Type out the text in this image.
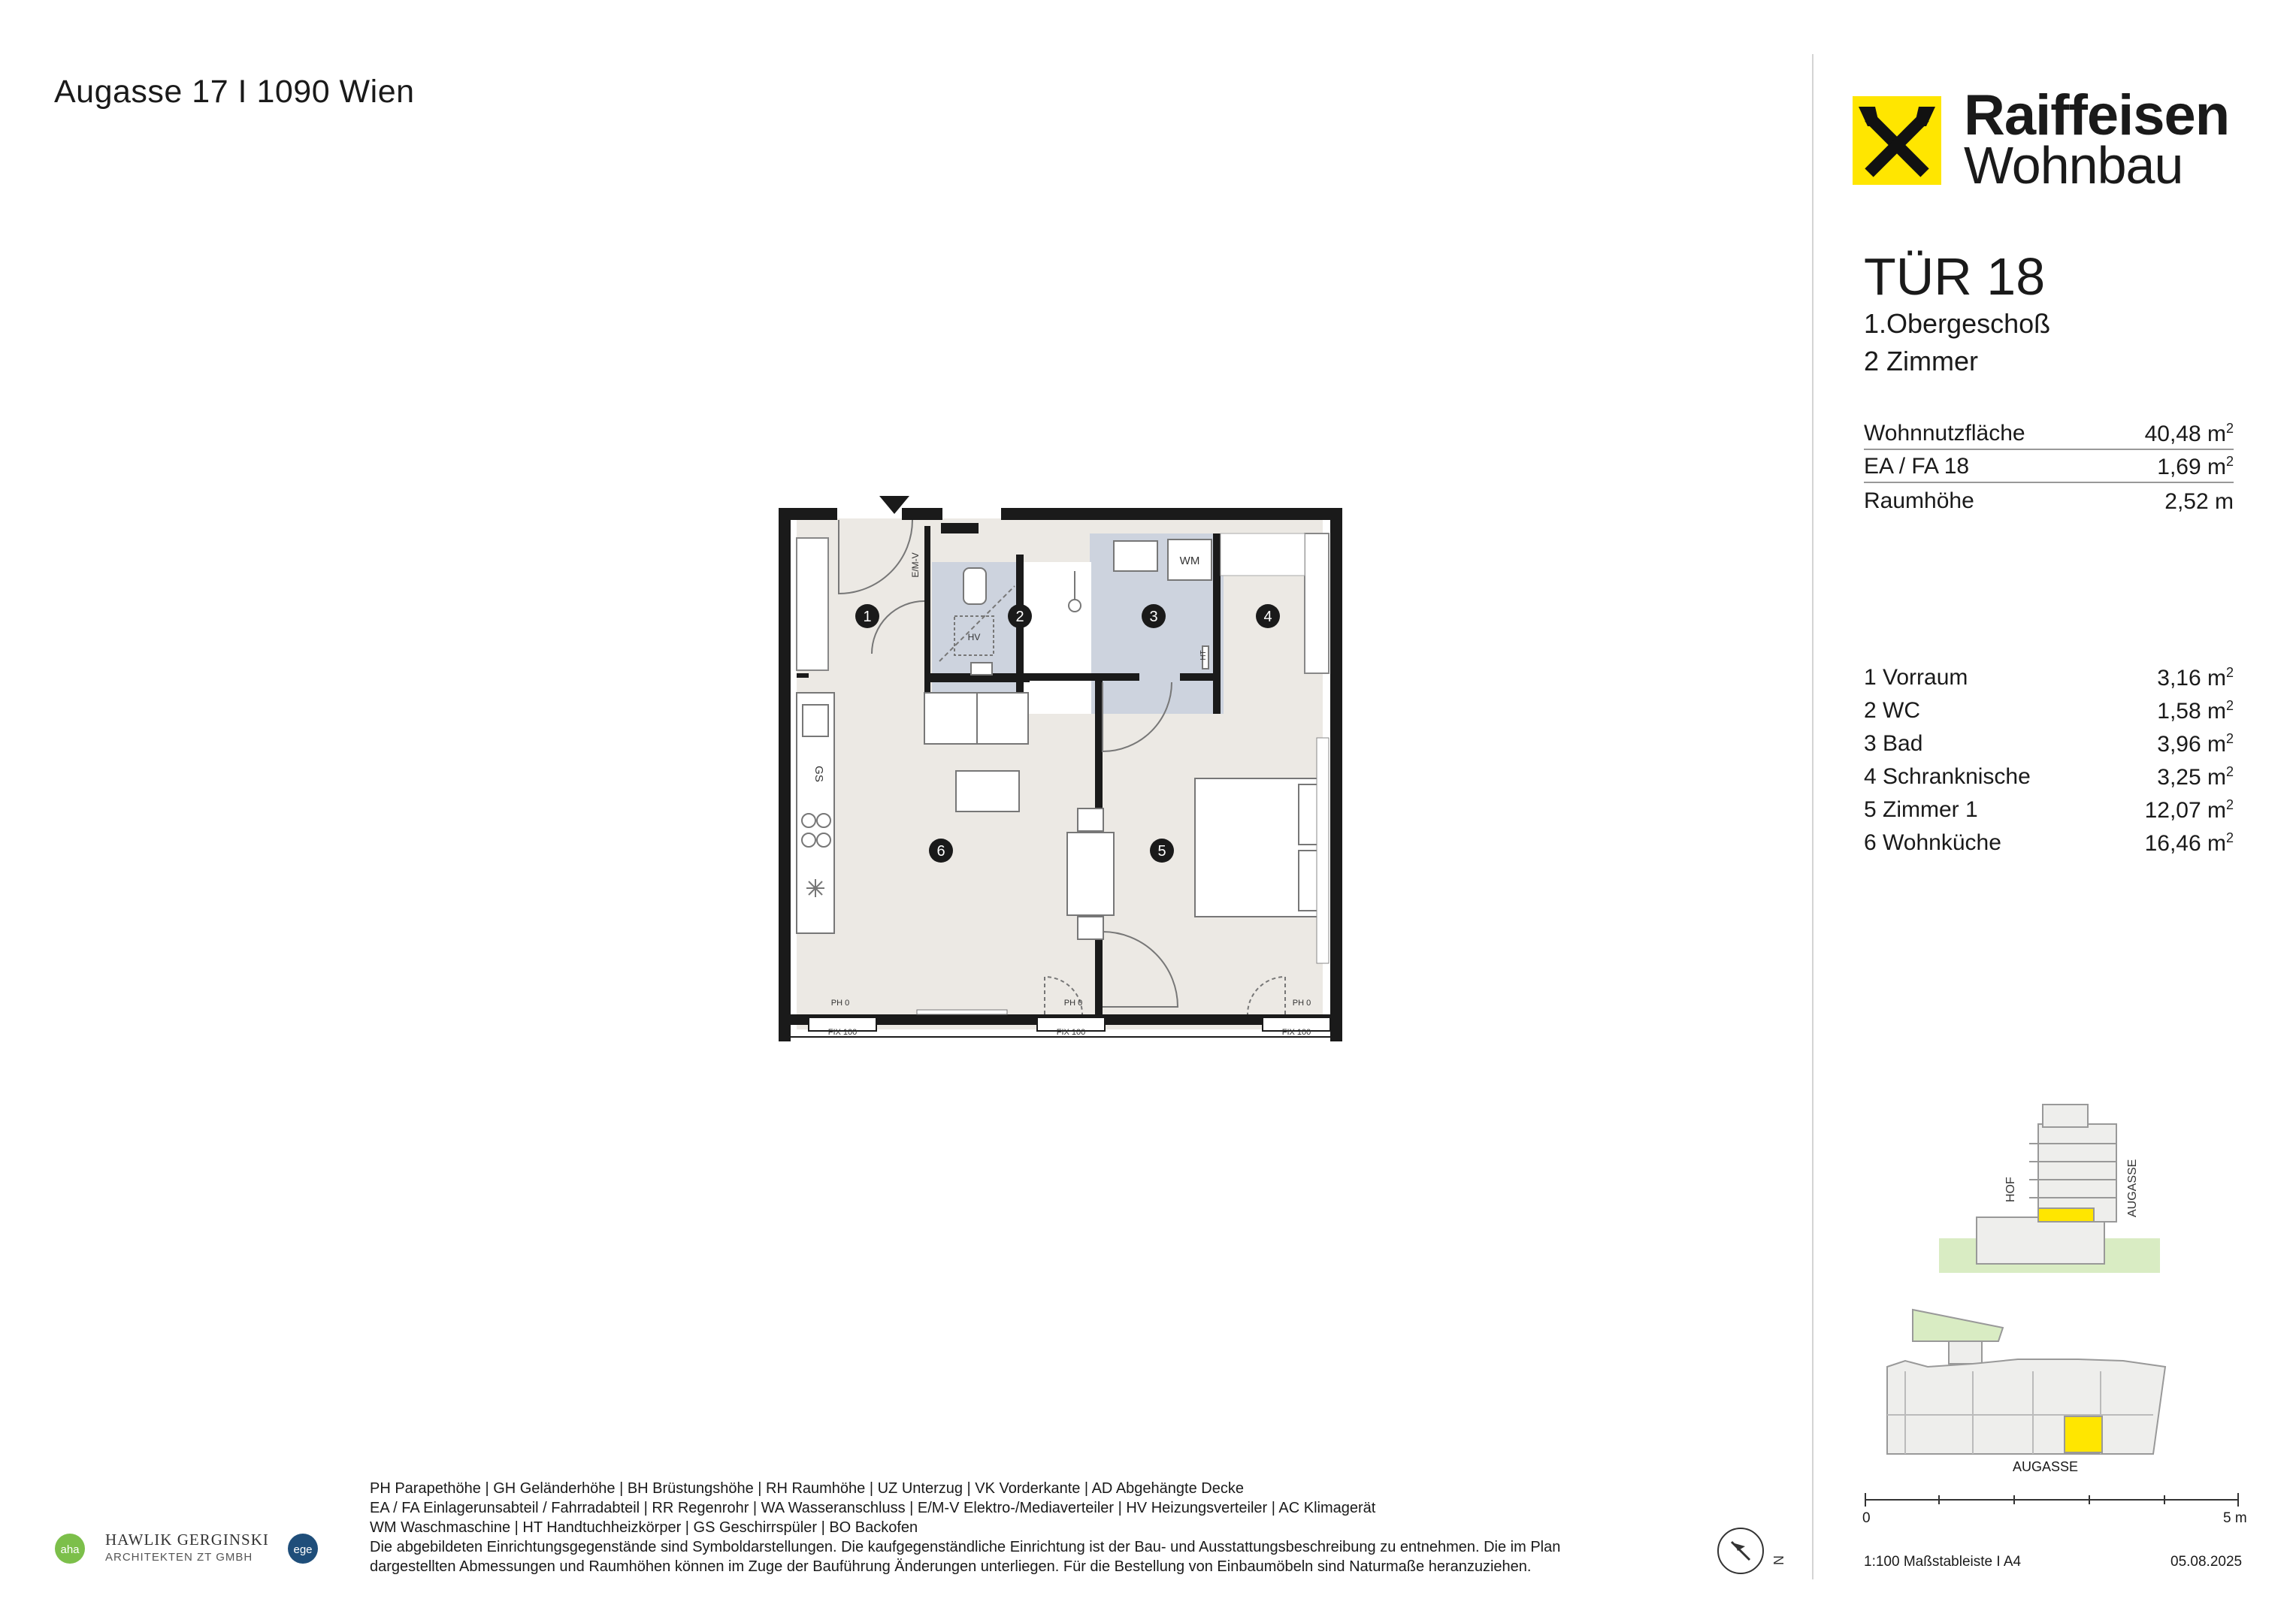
Augasse 17 I 1090 Wien	Raiffeisen
Wohnbau
TÜR 18
1.Obergeschoß
2 Zimmer
Wohnnutzfläche	40,48 $m^2$
EA / FA 18	1,69 $m^2$
Raumhöhe	2,52 m
1 Vorraum	3,16 $m^2$
2 WC	1,58 $m^2$
3 Bad	3,96 $m^2$
4 Schranknische	3,25 $m^2$
5 Zimmer 1	12,07 $m^2$
6 Wohnküche	16,46 $m^2$
1	2	3	4
5
6
WM
HV
GS
HT
E/M-V
PH 0	PH 0	PH 0
FIX 100	FIX 100	FIX 100
HOF	AUGASSE
AUGASSE
0	5 m
1:100 Maßstableiste I A4	05.08.2025
PH Parapethöhe | GH Geländerhöhe | BH Brüstungshöhe | RH Raumhöhe | UZ Unterzug | VK Vorderkante | AD Abgehängte Decke
EA / FA Einlagerunsabteil / Fahrradabteil | RR Regenrohr | WA Wasseranschluss | E/M-V Elektro-/Mediaverteiler | HV Heizungsverteiler | AC Klimagerät
WM Waschmaschine | HT Handtuchheizkörper | GS Geschirrspüler | BO Backofen
Die abgebildeten Einrichtungsgegenstände sind Symboldarstellungen. Die kaufgegenständliche Einrichtung ist der Bau- und Ausstattungsbeschreibung zu entnehmen. Die im Plan
dargestellten Abmessungen und Raumhöhen können im Zuge der Bauführung Änderungen unterliegen. Für die Bestellung von Einbaumöbeln sind Naturmaße heranzuziehen.
aha
HAWLIK GERGINSKI
ARCHITEKTEN ZT GMBH
ege
N
